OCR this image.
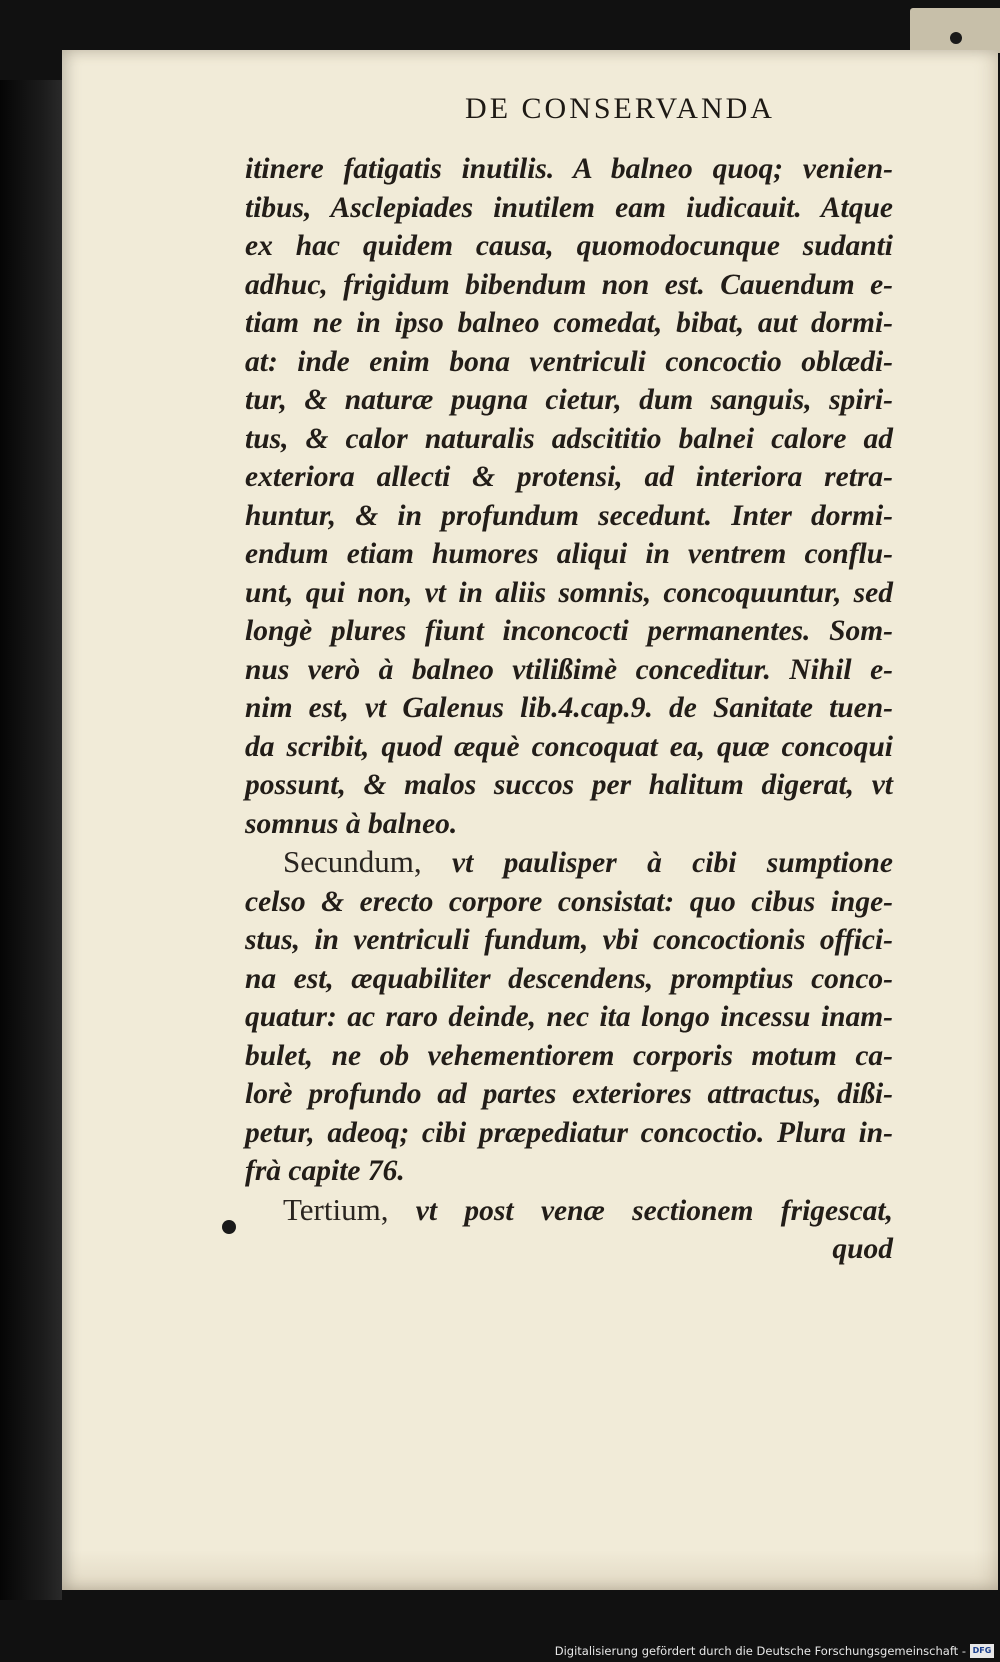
DE CONSERVANDA
itinere fatigatis inutilis. A balneo quoq; venien-
tibus, Asclepiades inutilem eam iudicauit. Atque
ex hac quidem causa, quomodocunque sudanti
adhuc, frigidum bibendum non est. Cauendum e-
tiam ne in ipso balneo comedat, bibat, aut dormi-
at: inde enim bona ventriculi concoctio oblædi-
tur, & naturæ pugna cietur, dum sanguis, spiri-
tus, & calor naturalis adscititio balnei calore ad
exteriora allecti & protensi, ad interiora retra-
huntur, & in profundum secedunt. Inter dormi-
endum etiam humores aliqui in ventrem conflu-
unt, qui non, vt in aliis somnis, concoquuntur, sed
longè plures fiunt inconcocti permanentes. Som-
nus verò à balneo vtilißimè conceditur. Nihil e-
nim est, vt Galenus lib.4.cap.9. de Sanitate tuen-
da scribit, quod æquè concoquat ea, quæ concoqui
possunt, & malos succos per halitum digerat, vt
somnus à balneo.
Secundum, vt paulisper à cibi sumptione
celso & erecto corpore consistat: quo cibus inge-
stus, in ventriculi fundum, vbi concoctionis offici-
na est, æquabiliter descendens, promptius conco-
quatur: ac raro deinde, nec ita longo incessu inam-
bulet, ne ob vehementiorem corporis motum ca-
lorè profundo ad partes exteriores attractus, dißi-
petur, adeoq; cibi præpediatur concoctio. Plura in-
frà capite 76.
Tertium, vt post venæ sectionem frigescat,
quod
Digitalisierung gefördert durch die Deutsche Forschungsgemeinschaft - DFG
